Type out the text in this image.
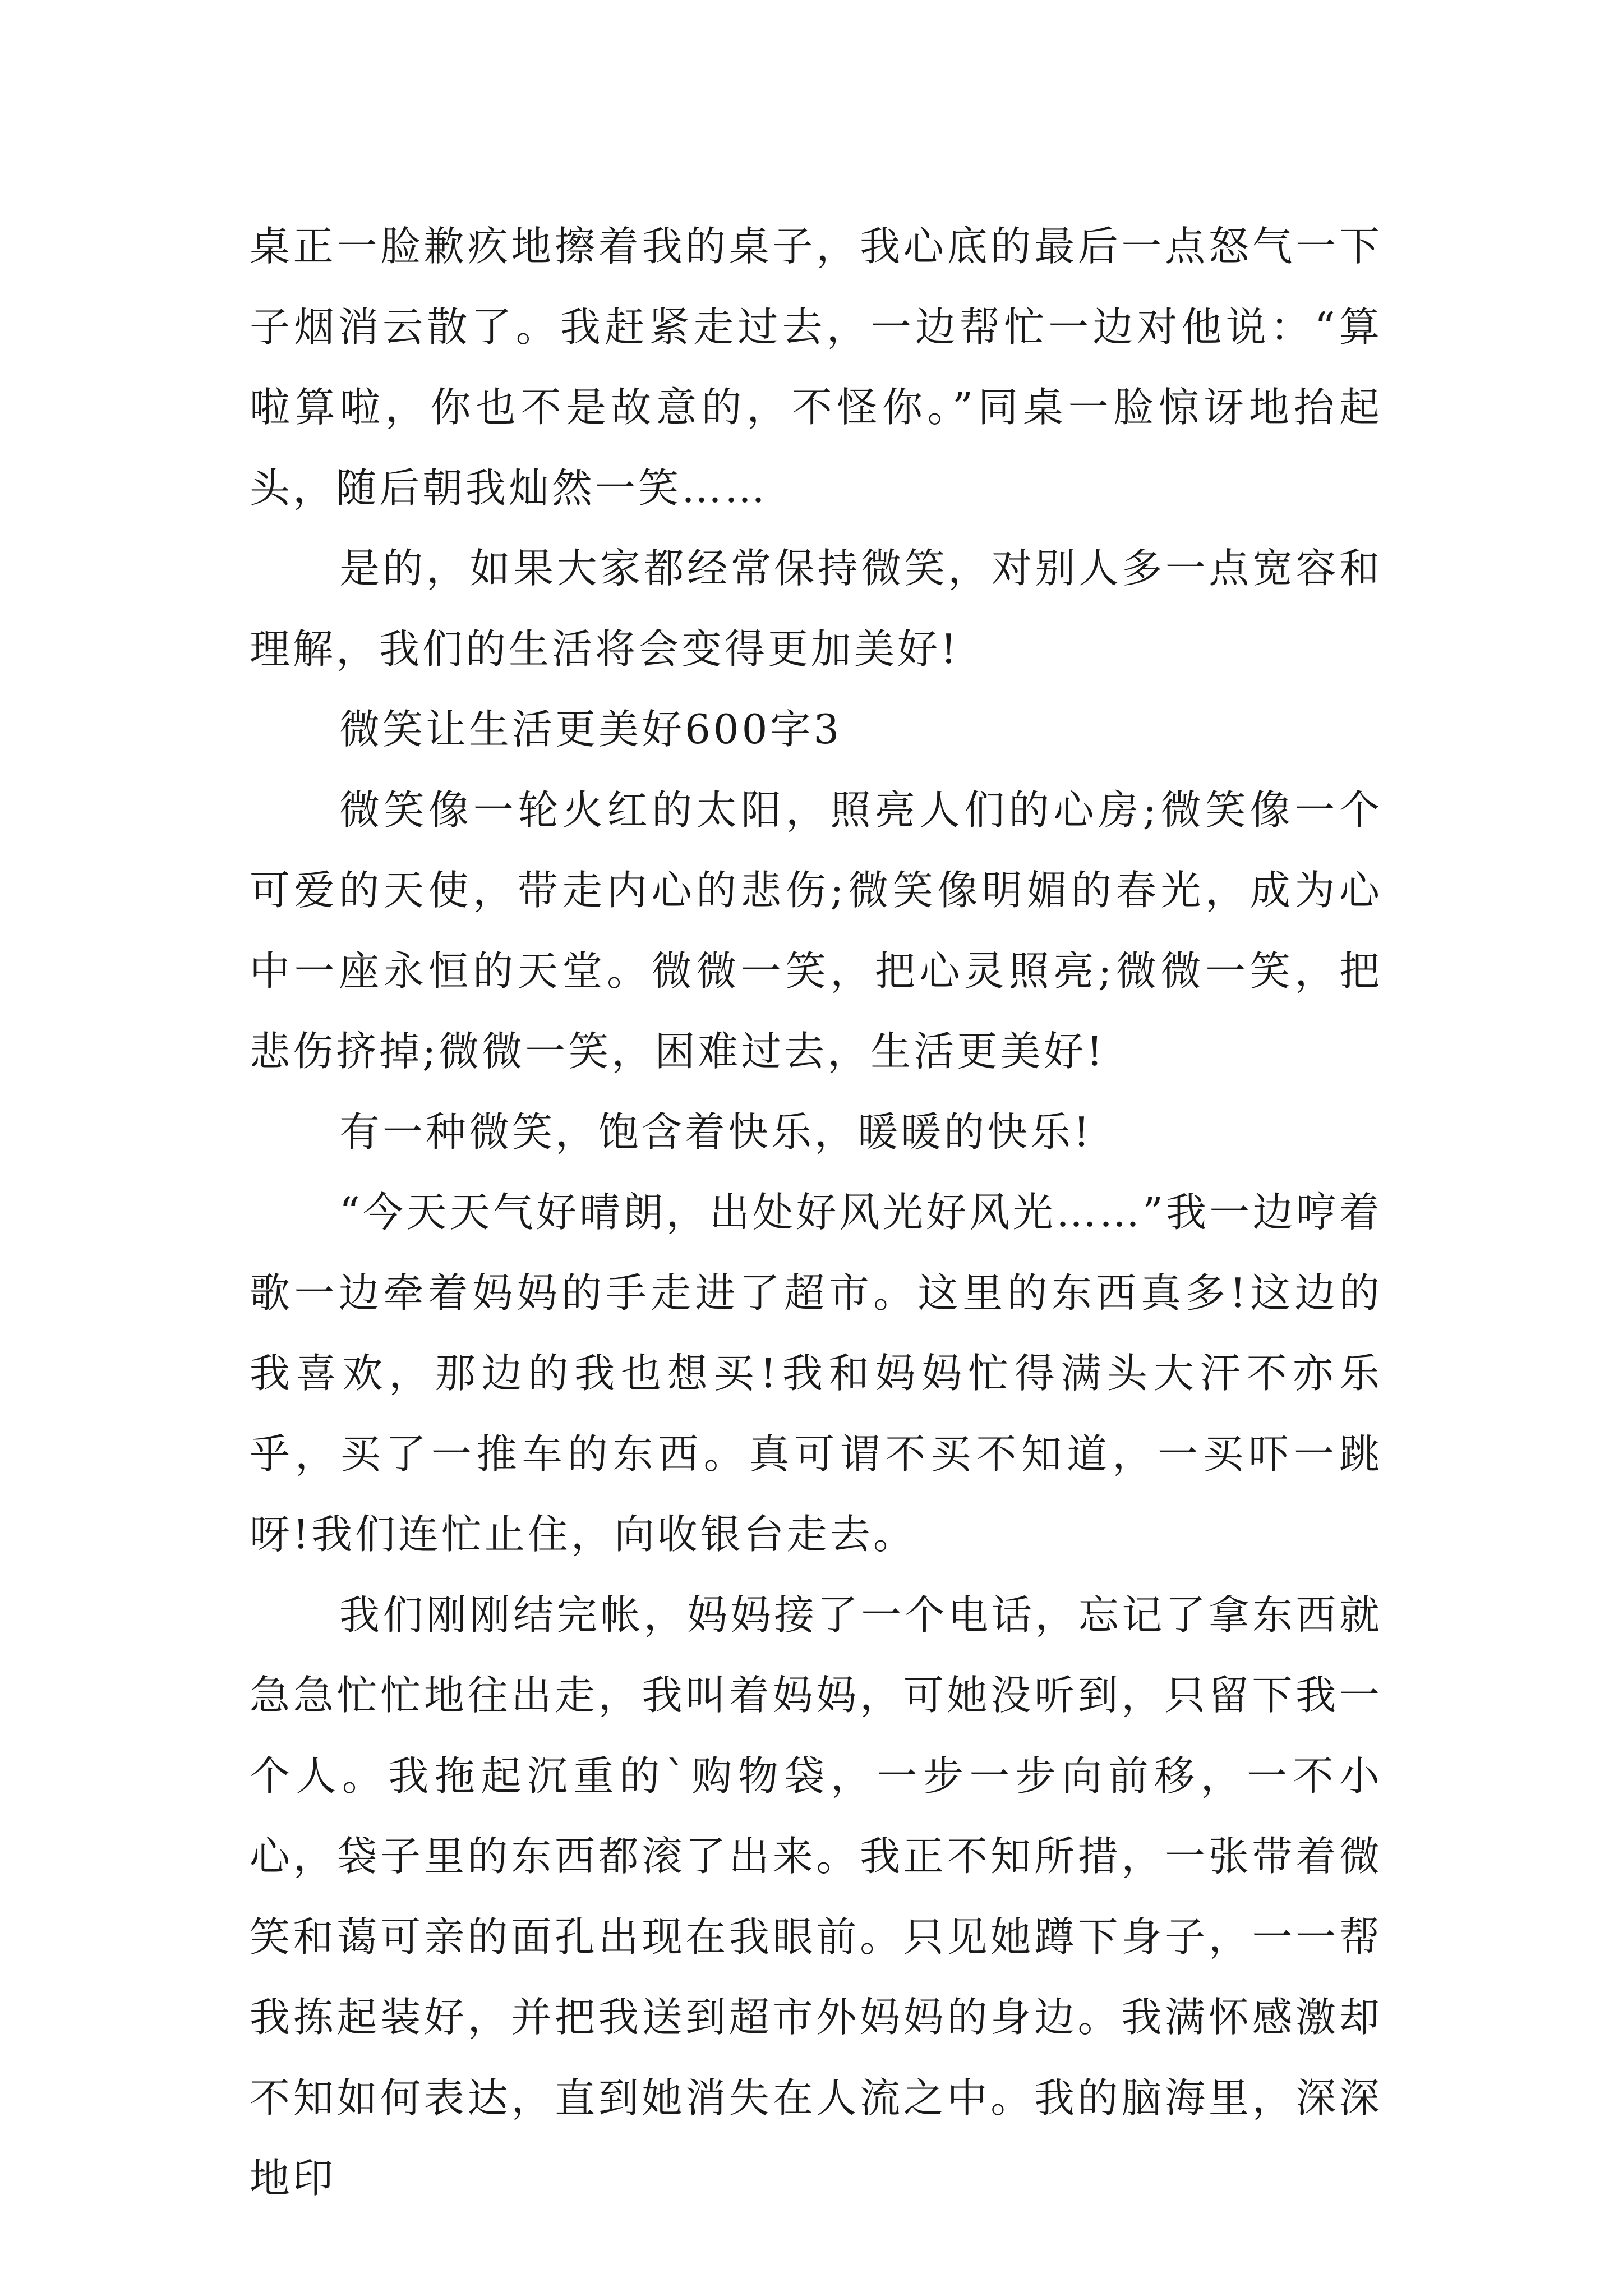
桌正一脸歉疚地擦着我的桌子，我心底的最后一点怒气一下子烟消云散了。我赶紧走过去，一边帮忙一边对他说：“算啦算啦，你也不是故意的，不怪你。”同桌一脸惊讶地抬起头，随后朝我灿然一笑……

是的，如果大家都经常保持微笑，对别人多一点宽容和理解，我们的生活将会变得更加美好!

微笑让生活更美好600字3

微笑像一轮火红的太阳，照亮人们的心房;微笑像一个可爱的天使，带走内心的悲伤;微笑像明媚的春光，成为心中一座永恒的天堂。微微一笑，把心灵照亮;微微一笑，把悲伤挤掉;微微一笑，困难过去，生活更美好!

有一种微笑，饱含着快乐，暖暖的快乐!

“今天天气好晴朗，出处好风光好风光……”我一边哼着歌一边牵着妈妈的手走进了超市。这里的东西真多!这边的我喜欢，那边的我也想买!我和妈妈忙得满头大汗不亦乐乎，买了一推车的东西。真可谓不买不知道，一买吓一跳呀!我们连忙止住，向收银台走去。

我们刚刚结完帐，妈妈接了一个电话，忘记了拿东西就急急忙忙地往出走，我叫着妈妈，可她没听到，只留下我一个人。我拖起沉重的`购物袋，一步一步向前移，一不小心，袋子里的东西都滚了出来。我正不知所措，一张带着微笑和蔼可亲的面孔出现在我眼前。只见她蹲下身子，一一帮我拣起装好，并把我送到超市外妈妈的身边。我满怀感激却不知如何表达，直到她消失在人流之中。我的脑海里，深深地印
